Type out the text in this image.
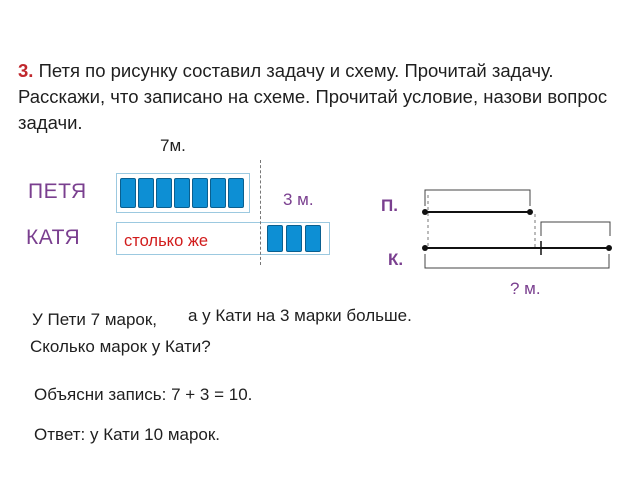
3. Петя по рисунку составил задачу и схему. Прочитай задачу. Расскажи, что записано на схеме. Прочитай условие, назови вопрос задачи.
7м.
ПЕТЯ
КАТЯ	столько же
3 м.	П.
К.
? м.
У Пети 7 марок, а у Кати на 3 марки больше.
Сколько марок у Кати?
Объясни запись: 7 + 3 = 10.
Ответ: у Кати 10 марок.
